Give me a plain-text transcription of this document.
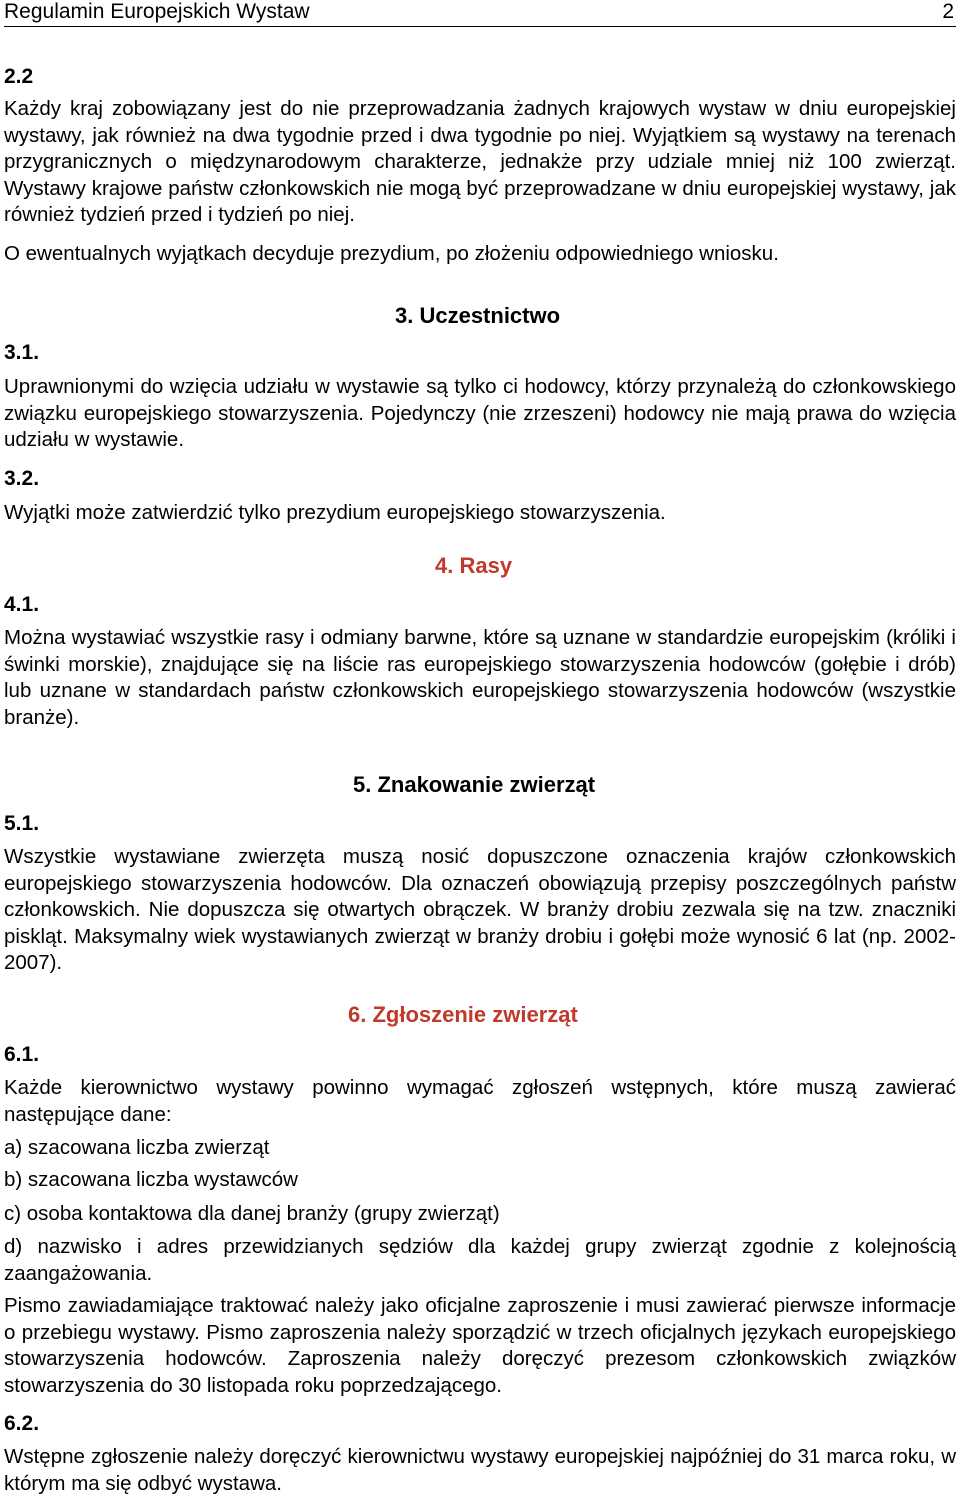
Regulamin Europejskich Wystaw	2
2.2
Każdy kraj zobowiązany jest do nie przeprowadzania żadnych krajowych wystaw w dniu europejskiej wystawy, jak również na dwa tygodnie przed i dwa tygodnie po niej. Wyjątkiem są wystawy na terenach przygranicznych o międzynarodowym charakterze, jednakże przy udziale mniej niż 100 zwierząt. Wystawy krajowe państw członkowskich nie mogą być przeprowadzane w dniu europejskiej wystawy, jak również tydzień przed i tydzień po niej.
O ewentualnych wyjątkach decyduje prezydium, po złożeniu odpowiedniego wniosku.
3. Uczestnictwo
3.1.
Uprawnionymi do wzięcia udziału w wystawie są tylko ci hodowcy, którzy przynależą do członkowskiego związku europejskiego stowarzyszenia. Pojedynczy (nie zrzeszeni) hodowcy nie mają prawa do wzięcia udziału w wystawie.
3.2.
Wyjątki może zatwierdzić tylko prezydium europejskiego stowarzyszenia.
4. Rasy
4.1.
Można wystawiać wszystkie rasy i odmiany barwne, które są uznane w standardzie europejskim (króliki i świnki morskie), znajdujące się na liście ras europejskiego stowarzyszenia hodowców (gołębie i drób) lub uznane w standardach państw członkowskich europejskiego stowarzyszenia hodowców (wszystkie branże).
5. Znakowanie zwierząt
5.1.
Wszystkie wystawiane zwierzęta muszą nosić dopuszczone oznaczenia krajów członkowskich europejskiego stowarzyszenia hodowców. Dla oznaczeń obowiązują przepisy poszczególnych państw członkowskich. Nie dopuszcza się otwartych obrączek. W branży drobiu zezwala się na tzw. znaczniki piskląt. Maksymalny wiek wystawianych zwierząt w branży drobiu i gołębi może wynosić 6 lat (np. 2002-2007).
6. Zgłoszenie zwierząt
6.1.
Każde kierownictwo wystawy powinno wymagać zgłoszeń wstępnych, które muszą zawierać następujące dane:
a) szacowana liczba zwierząt
b) szacowana liczba wystawców
c) osoba kontaktowa dla danej branży (grupy zwierząt)
d) nazwisko i adres przewidzianych sędziów dla każdej grupy zwierząt zgodnie z kolejnością zaangażowania.
Pismo zawiadamiające traktować należy jako oficjalne zaproszenie i musi zawierać pierwsze informacje o przebiegu wystawy. Pismo zaproszenia należy sporządzić w trzech oficjalnych językach europejskiego stowarzyszenia hodowców. Zaproszenia należy doręczyć prezesom członkowskich związków stowarzyszenia do 30 listopada roku poprzedzającego.
6.2.
Wstępne zgłoszenie należy doręczyć kierownictwu wystawy europejskiej najpóźniej do 31 marca roku, w którym ma się odbyć wystawa.
